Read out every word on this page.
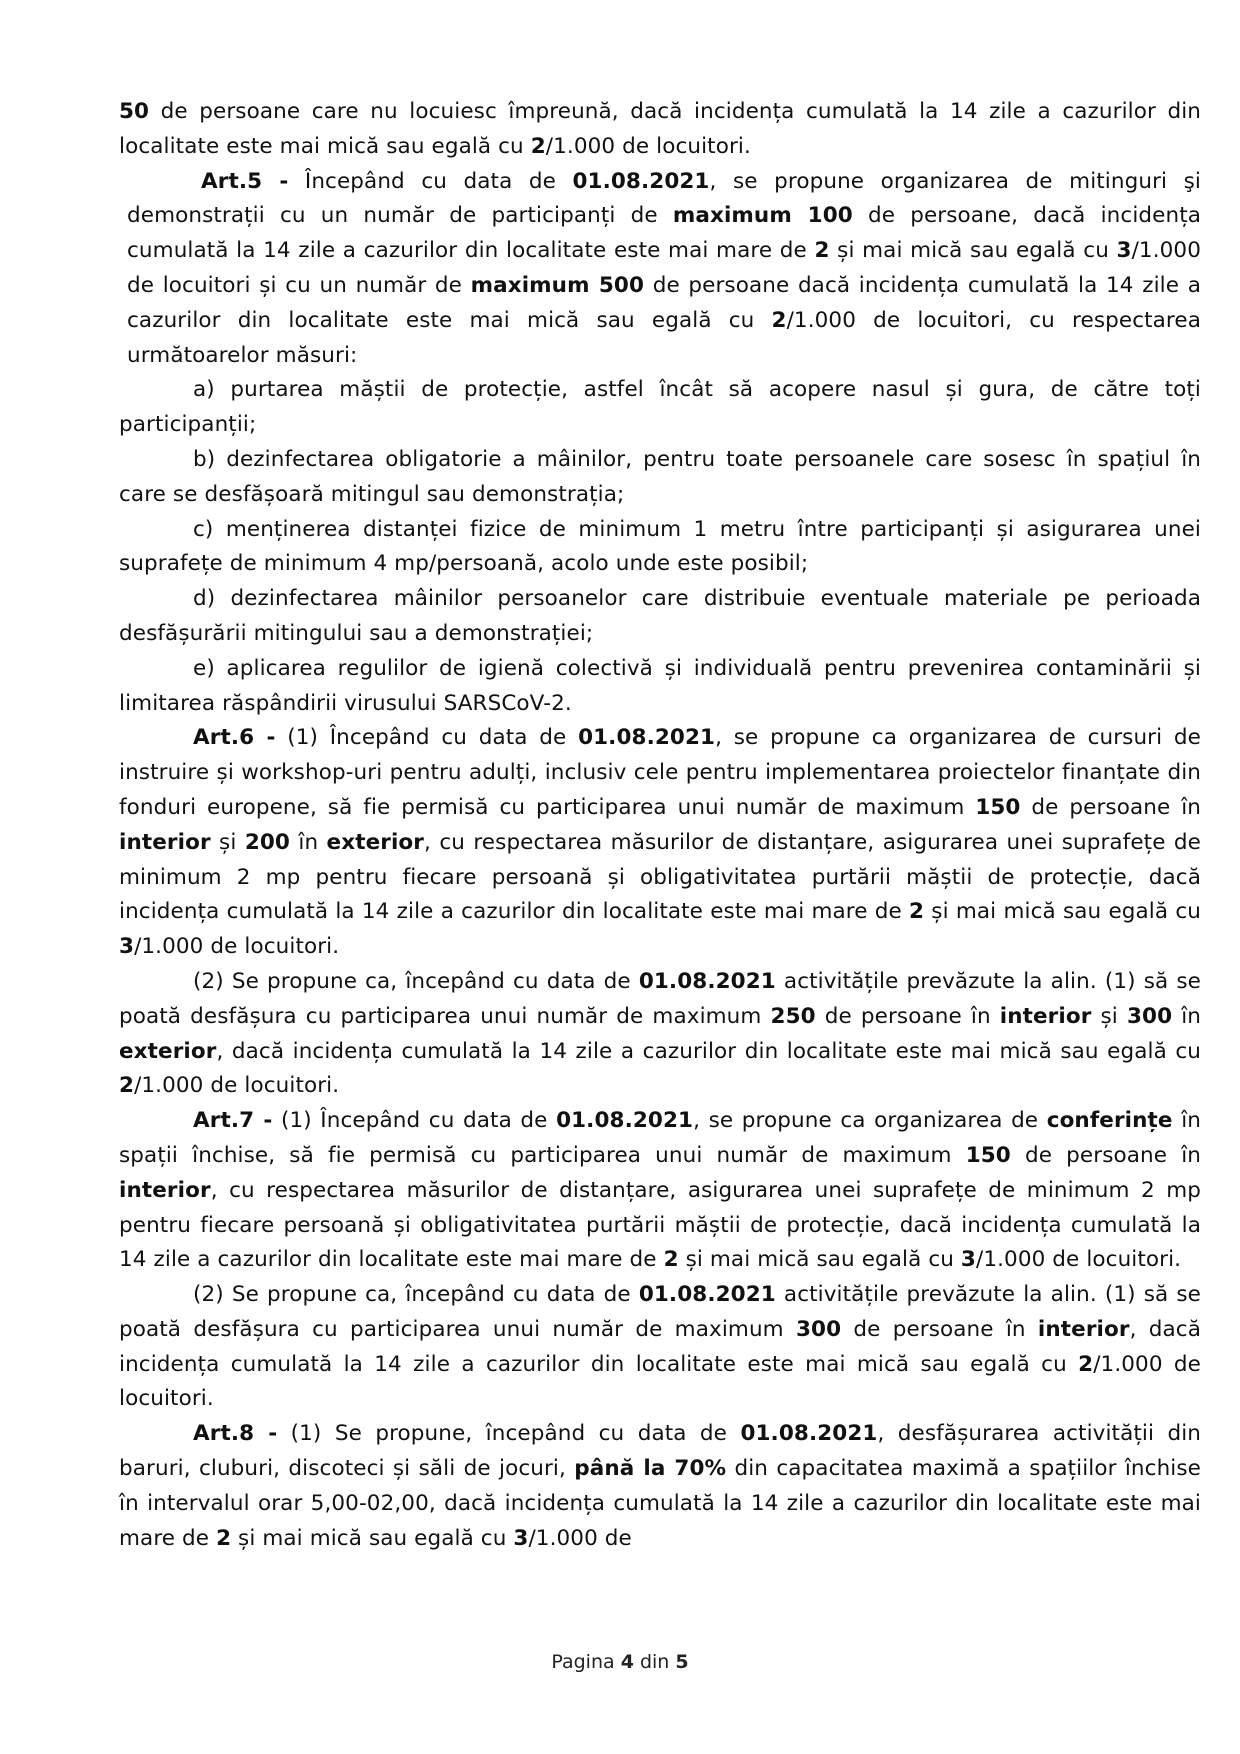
50 de persoane care nu locuiesc împreună, dacă incidența cumulată la 14 zile a cazurilor din localitate este mai mică sau egală cu 2/1.000 de locuitori.

Art.5 - Începând cu data de 01.08.2021, se propune organizarea de mitinguri şi demonstrații cu un număr de participanți de maximum 100 de persoane, dacă incidența cumulată la 14 zile a cazurilor din localitate este mai mare de 2 și mai mică sau egală cu 3/1.000 de locuitori și cu un număr de maximum 500 de persoane dacă incidența cumulată la 14 zile a cazurilor din localitate este mai mică sau egală cu 2/1.000 de locuitori, cu respectarea următoarelor măsuri:

a) purtarea măștii de protecție, astfel încât să acopere nasul și gura, de către toți participanții;

b) dezinfectarea obligatorie a mâinilor, pentru toate persoanele care sosesc în spațiul în care se desfășoară mitingul sau demonstrația;

c) menținerea distanței fizice de minimum 1 metru între participanți și asigurarea unei suprafețe de minimum 4 mp/persoană, acolo unde este posibil;

d) dezinfectarea mâinilor persoanelor care distribuie eventuale materiale pe perioada desfășurării mitingului sau a demonstrației;

e) aplicarea regulilor de igienă colectivă și individuală pentru prevenirea contaminării și limitarea răspândirii virusului SARSCoV-2.

Art.6 - (1) Începând cu data de 01.08.2021, se propune ca organizarea de cursuri de instruire și workshop-uri pentru adulți, inclusiv cele pentru implementarea proiectelor finanțate din fonduri europene, să fie permisă cu participarea unui număr de maximum 150 de persoane în interior și 200 în exterior, cu respectarea măsurilor de distanțare, asigurarea unei suprafețe de minimum 2 mp pentru fiecare persoană și obligativitatea purtării măștii de protecție, dacă incidența cumulată la 14 zile a cazurilor din localitate este mai mare de 2 și mai mică sau egală cu 3/1.000 de locuitori.

(2) Se propune ca, începând cu data de 01.08.2021 activitățile prevăzute la alin. (1) să se poată desfășura cu participarea unui număr de maximum 250 de persoane în interior și 300 în exterior, dacă incidența cumulată la 14 zile a cazurilor din localitate este mai mică sau egală cu 2/1.000 de locuitori.

Art.7 - (1) Începând cu data de 01.08.2021, se propune ca organizarea de conferințe în spații închise, să fie permisă cu participarea unui număr de maximum 150 de persoane în interior, cu respectarea măsurilor de distanțare, asigurarea unei suprafețe de minimum 2 mp pentru fiecare persoană și obligativitatea purtării măștii de protecție, dacă incidența cumulată la 14 zile a cazurilor din localitate este mai mare de 2 și mai mică sau egală cu 3/1.000 de locuitori.

(2) Se propune ca, începând cu data de 01.08.2021 activitățile prevăzute la alin. (1) să se poată desfășura cu participarea unui număr de maximum 300 de persoane în interior, dacă incidența cumulată la 14 zile a cazurilor din localitate este mai mică sau egală cu 2/1.000 de locuitori.

Art.8 - (1) Se propune, începând cu data de 01.08.2021, desfășurarea activității din baruri, cluburi, discoteci și săli de jocuri, până la 70% din capacitatea maximă a spațiilor închise în intervalul orar 5,00-02,00, dacă incidența cumulată la 14 zile a cazurilor din localitate este mai mare de 2 și mai mică sau egală cu 3/1.000 de

Pagina 4 din 5
